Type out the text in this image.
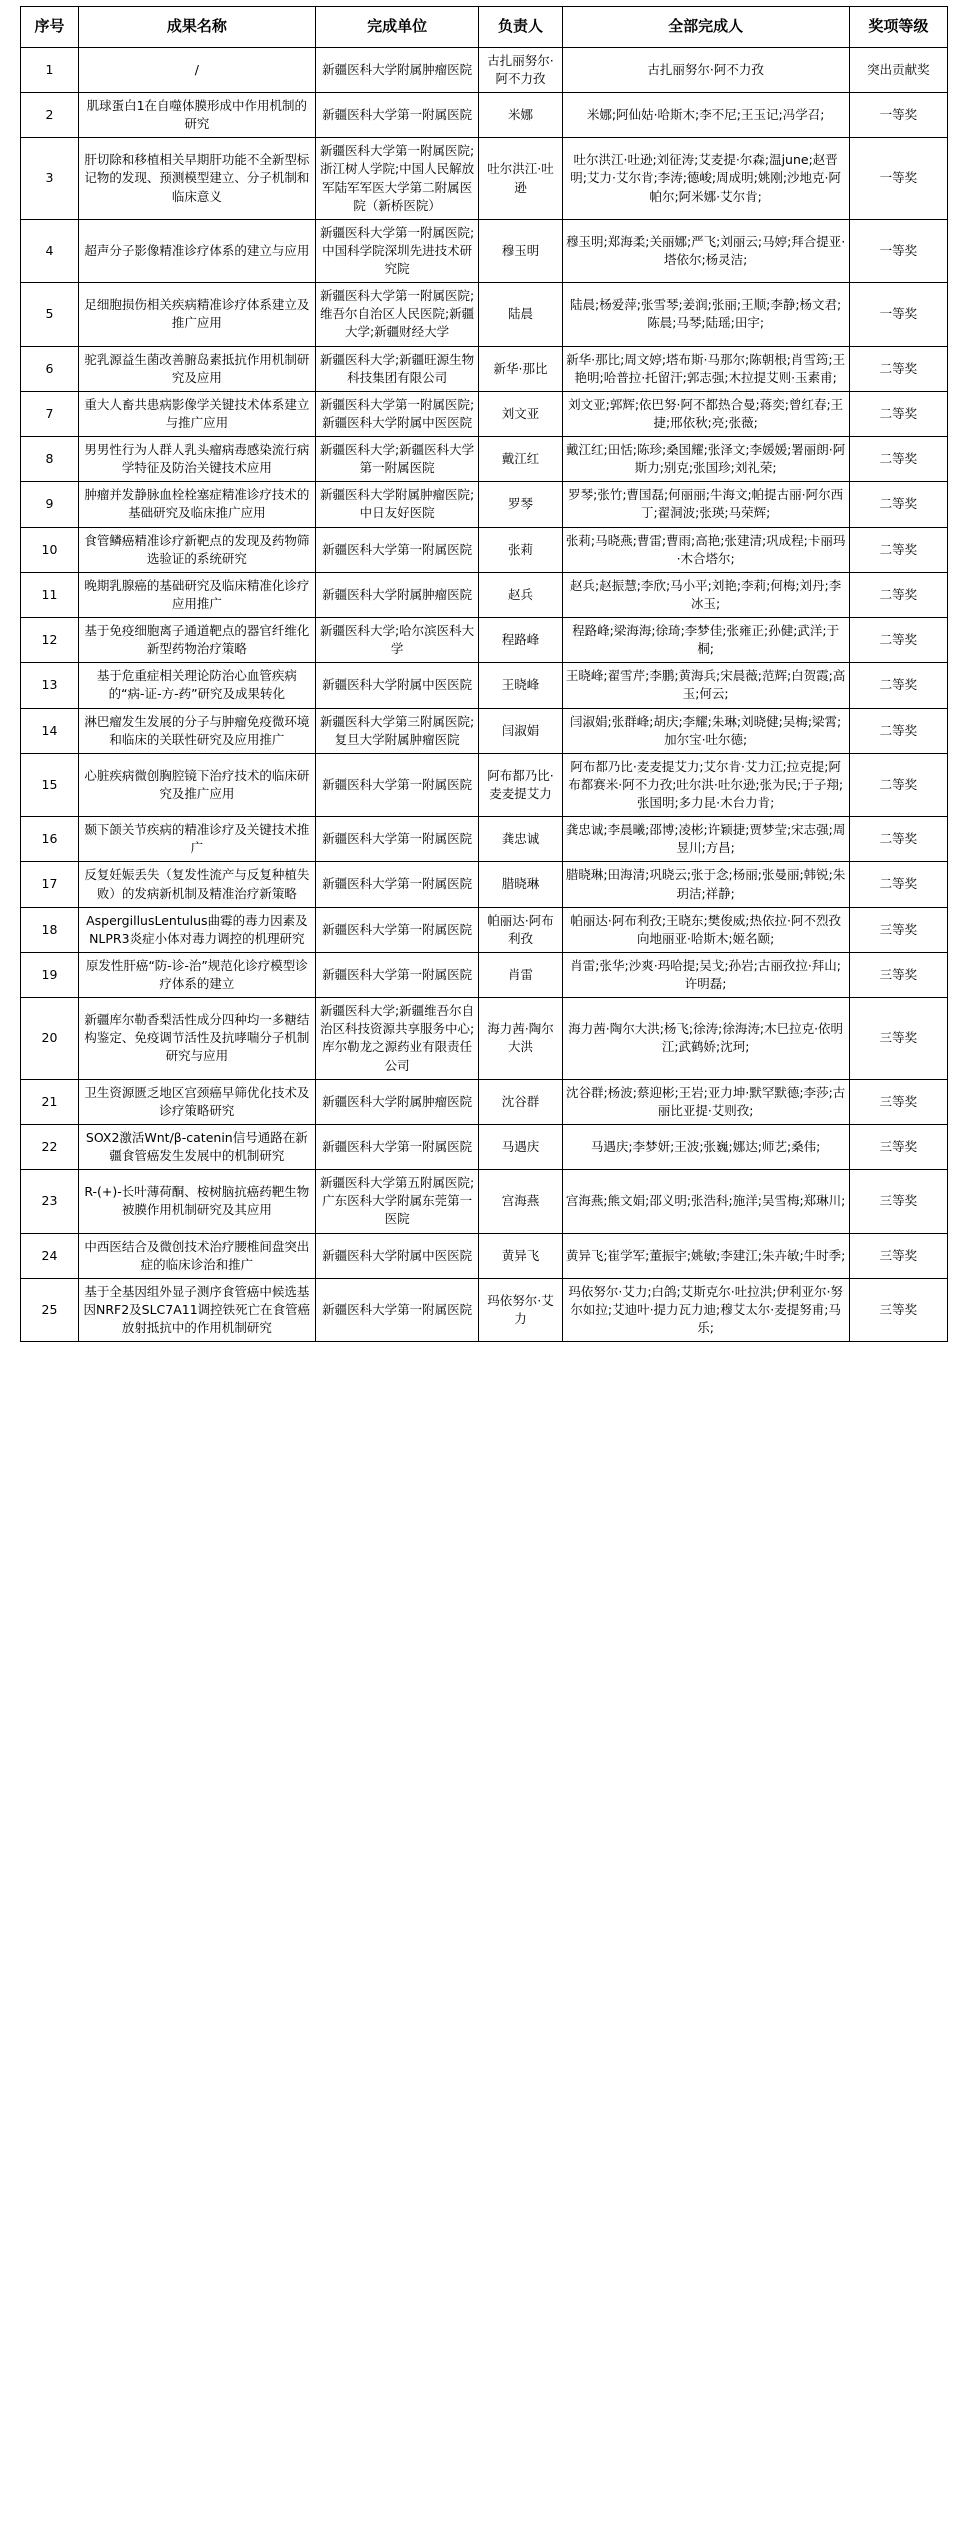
序号	成果名称	完成单位	负责人	全部完成人	奖项等级
1	/	新疆医科大学附属肿瘤医院	古扎丽努尔·阿不力孜	古扎丽努尔·阿不力孜	突出贡献奖
2	肌球蛋白1在自噬体膜形成中作用机制的研究	新疆医科大学第一附属医院	米娜	米娜;阿仙姑·哈斯木;李不尼;王玉记;冯学召;	一等奖
3	肝切除和移植相关早期肝功能不全新型标记物的发现、预测模型建立、分子机制和临床意义	新疆医科大学第一附属医院;浙江树人学院;中国人民解放军陆军军医大学第二附属医院（新桥医院）	吐尔洪江·吐逊	吐尔洪江·吐逊;刘征涛;艾麦提·尔森;温june;赵晋明;艾力·艾尔肯;李涛;德峻;周成明;姚刚;沙地克·阿帕尔;阿米娜·艾尔肯;	一等奖
4	超声分子影像精准诊疗体系的建立与应用	新疆医科大学第一附属医院;中国科学院深圳先进技术研究院	穆玉明	穆玉明;郑海柔;关丽娜;严飞;刘丽云;马婷;拜合提亚·塔依尔;杨灵洁;	一等奖
5	足细胞损伤相关疾病精准诊疗体系建立及推广应用	新疆医科大学第一附属医院;维吾尔自治区人民医院;新疆大学;新疆财经大学	陆晨	陆晨;杨爱萍;张雪琴;姜润;张丽;王顺;李静;杨文君;陈晨;马琴;陆瑶;田宇;	一等奖
6	驼乳源益生菌改善腑岛素抵抗作用机制研究及应用	新疆医科大学;新疆旺源生物科技集团有限公司	新华·那比	新华·那比;周文婷;塔布斯·马那尔;陈朝根;肖雪筠;王艳明;哈普拉·托留汗;郭志强;木拉提艾则·玉素甫;	二等奖
7	重大人畜共患病影像学关键技术体系建立与推广应用	新疆医科大学第一附属医院;新疆医科大学附属中医医院	刘文亚	刘文亚;郭辉;依巴努·阿不都热合曼;蒋奕;曾红春;王捷;邢依秋;亮;张薇;	二等奖
8	男男性行为人群人乳头瘤病毒感染流行病学特征及防治关键技术应用	新疆医科大学;新疆医科大学第一附属医院	戴江红	戴江红;田恬;陈珍;桑国耀;张泽文;李媛媛;署丽朗·阿斯力;别克;张国珍;刘礼荣;	二等奖
9	肿瘤并发静脉血栓栓塞症精准诊疗技术的基础研究及临床推广应用	新疆医科大学附属肿瘤医院;中日友好医院	罗琴	罗琴;张竹;曹国磊;何丽丽;牛海文;帕提古丽·阿尔西丁;翟洞波;张瑛;马荣辉;	二等奖
10	食管鳞癌精准诊疗新靶点的发现及药物筛选验证的系统研究	新疆医科大学第一附属医院	张莉	张莉;马晓燕;曹雷;曹雨;高艳;张建清;巩成程;卡丽玛·木合塔尔;	二等奖
11	晚期乳腺癌的基础研究及临床精准化诊疗应用推广	新疆医科大学附属肿瘤医院	赵兵	赵兵;赵振慧;李欣;马小平;刘艳;李莉;何梅;刘丹;李冰玉;	二等奖
12	基于免疫细胞离子通道靶点的器官纤维化新型药物治疗策略	新疆医科大学;哈尔滨医科大学	程路峰	程路峰;梁海海;徐琦;李梦佳;张雍正;孙健;武洋;于桐;	二等奖
13	基于危重症相关理论防治心血管疾病的“病-证-方-药”研究及成果转化	新疆医科大学附属中医医院	王晓峰	王晓峰;翟雪芹;李鹏;黄海兵;宋晨薇;范辉;白贺霞;高玉;何云;	二等奖
14	淋巴瘤发生发展的分子与肿瘤免疫微环境和临床的关联性研究及应用推广	新疆医科大学第三附属医院;复旦大学附属肿瘤医院	闫淑娟	闫淑娟;张群峰;胡庆;李耀;朱琳;刘晓健;吴梅;梁霄;加尔宝·吐尔德;	二等奖
15	心脏疾病微创胸腔镜下治疗技术的临床研究及推广应用	新疆医科大学第一附属医院	阿布都乃比·麦麦提艾力	阿布都乃比·麦麦提艾力;艾尔肯·艾力江;拉克提;阿布都赛米·阿不力孜;吐尔洪·吐尔逊;张为民;于子翔;张国明;多力昆·木台力肯;	二等奖
16	颞下颌关节疾病的精准诊疗及关键技术推广	新疆医科大学第一附属医院	龚忠诚	龚忠诚;李晨曦;邵博;凌彬;许颖捷;贾梦莹;宋志强;周昱川;方昌;	二等奖
17	反复妊娠丢失（复发性流产与反复种植失败）的发病新机制及精准治疗新策略	新疆医科大学第一附属医院	腊晓琳	腊晓琳;田海清;巩晓云;张于念;杨丽;张曼丽;韩锐;朱玥洁;祥静;	二等奖
18	AspergillusLentulus曲霉的毒力因素及NLPR3炎症小体对毒力调控的机理研究	新疆医科大学第一附属医院	帕丽达·阿布利孜	帕丽达·阿布利孜;王晓东;樊俊威;热依拉·阿不烈孜向地丽亚·哈斯木;姬名颐;	三等奖
19	原发性肝癌“防-诊-治”规范化诊疗模型诊疗体系的建立	新疆医科大学第一附属医院	肖雷	肖雷;张华;沙爽·玛哈提;吴戈;孙岩;古丽孜拉·拜山;许明磊;	三等奖
20	新疆库尔勒香梨活性成分四种均一多糖结构鉴定、免疫调节活性及抗哮喘分子机制研究与应用	新疆医科大学;新疆维吾尔自治区科技资源共享服务中心;库尔勒龙之源药业有限责任公司	海力茜·陶尔大洪	海力茜·陶尔大洪;杨飞;徐涛;徐海涛;木巳拉克·依明江;武鹤娇;沈珂;	三等奖
21	卫生资源匮乏地区宫颈癌早筛优化技术及诊疗策略研究	新疆医科大学附属肿瘤医院	沈谷群	沈谷群;杨波;蔡迎彬;王岩;亚力坤·默罕默德;李莎;古丽比亚提·艾则孜;	三等奖
22	SOX2激活Wnt/β-catenin信号通路在新疆食管癌发生发展中的机制研究	新疆医科大学第一附属医院	马遇庆	马遇庆;李梦妍;王波;张巍;娜达;师艺;桑伟;	三等奖
23	R-(+)-长叶薄荷酮、桉树脑抗癌药靶生物被膜作用机制研究及其应用	新疆医科大学第五附属医院;广东医科大学附属东莞第一医院	宫海燕	宫海燕;熊文娟;邵义明;张浩科;施洋;吴雪梅;郑琳川;	三等奖
24	中西医结合及微创技术治疗腰椎间盘突出症的临床诊治和推广	新疆医科大学附属中医医院	黄异飞	黄异飞;崔学军;董振宇;姚敏;李建江;朱卉敏;牛时季;	三等奖
25	基于全基因组外显子测序食管癌中候选基因NRF2及SLC7A11调控铁死亡在食管癌放射抵抗中的作用机制研究	新疆医科大学第一附属医院	玛依努尔·艾力	玛依努尔·艾力;白鸽;艾斯克尔·吐拉洪;伊利亚尔·努尔如拉;艾迪叶·提力瓦力迪;穆艾太尔·麦提努甫;马乐;	三等奖
